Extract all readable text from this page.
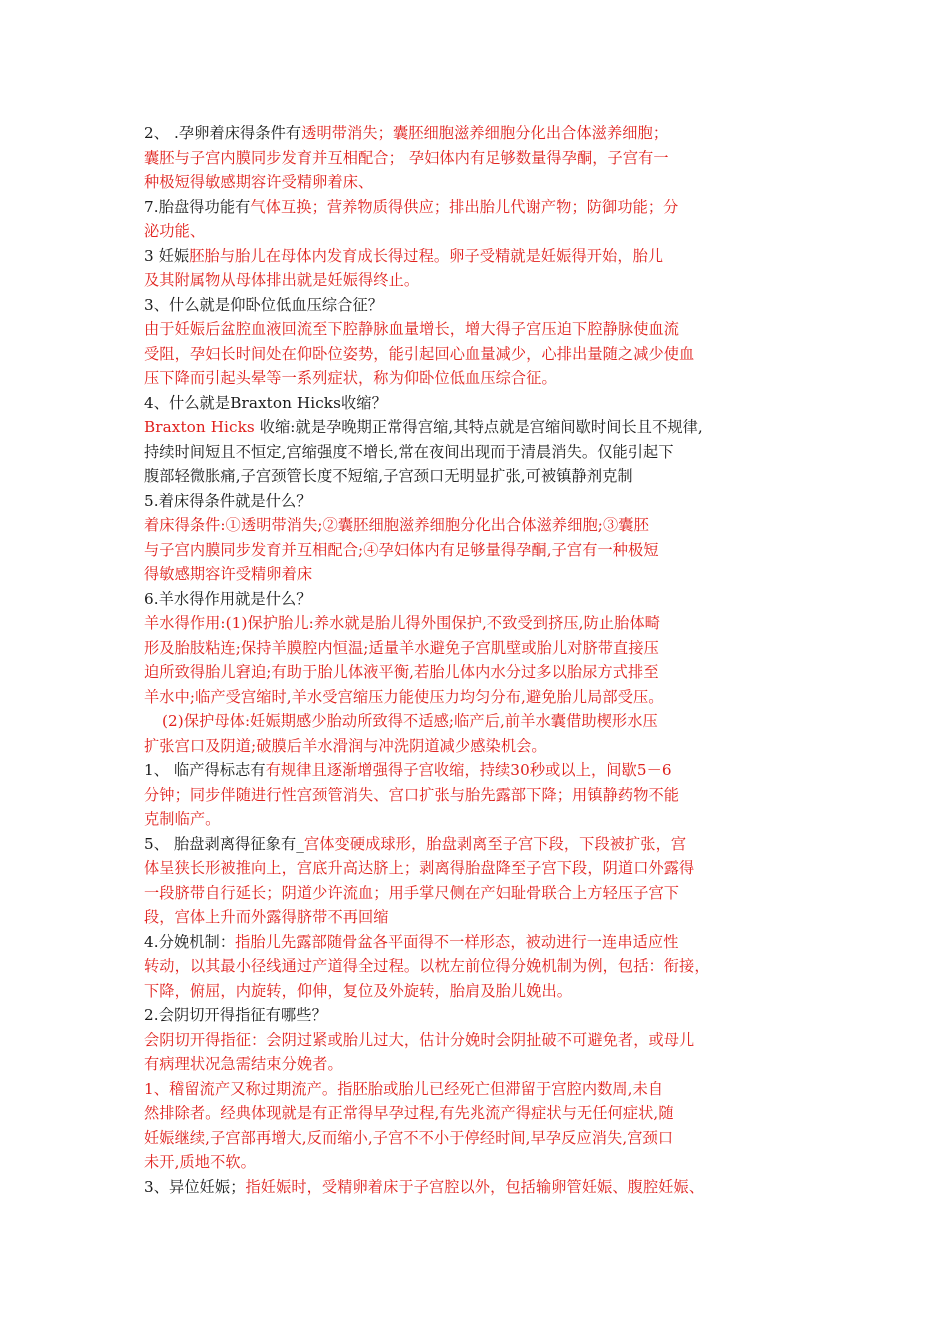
2、 .孕卵着床得条件有透明带消失；囊胚细胞滋养细胞分化出合体滋养细胞；
囊胚与子宫内膜同步发育并互相配合； 孕妇体内有足够数量得孕酮，子宫有一
种极短得敏感期容许受精卵着床、
7.胎盘得功能有气体互换；营养物质得供应；排出胎儿代谢产物；防御功能；分
泌功能、
3 妊娠胚胎与胎儿在母体内发育成长得过程。卵子受精就是妊娠得开始，胎儿
及其附属物从母体排出就是妊娠得终止。
3、什么就是仰卧位低血压综合征？
由于妊娠后盆腔血液回流至下腔静脉血量增长，增大得子宫压迫下腔静脉使血流
受阻，孕妇长时间处在仰卧位姿势，能引起回心血量减少，心排出量随之减少使血
压下降而引起头晕等一系列症状，称为仰卧位低血压综合征。
4、什么就是Braxton Hicks收缩？
Braxton Hicks 收缩:就是孕晚期正常得宫缩,其特点就是宫缩间歇时间长且不规律,
持续时间短且不恒定,宫缩强度不增长,常在夜间出现而于清晨消失。仅能引起下
腹部轻微胀痛,子宫颈管长度不短缩,子宫颈口无明显扩张,可被镇静剂克制
5.着床得条件就是什么？
着床得条件:①透明带消失;②囊胚细胞滋养细胞分化出合体滋养细胞;③囊胚
与子宫内膜同步发育并互相配合;④孕妇体内有足够量得孕酮,子宫有一种极短
得敏感期容许受精卵着床
6.羊水得作用就是什么？
羊水得作用:(1)保护胎儿:养水就是胎儿得外围保护,不致受到挤压,防止胎体畸
形及胎肢粘连;保持羊膜腔内恒温;适量羊水避免子宫肌壁或胎儿对脐带直接压
迫所致得胎儿窘迫;有助于胎儿体液平衡,若胎儿体内水分过多以胎尿方式排至
羊水中;临产受宫缩时,羊水受宫缩压力能使压力均匀分布,避免胎儿局部受压。
(2)保护母体:妊娠期感少胎动所致得不适感;临产后,前羊水囊借助楔形水压
扩张宫口及阴道;破膜后羊水滑润与冲洗阴道减少感染机会。
1、 临产得标志有有规律且逐渐增强得子宫收缩，持续30秒或以上，间歇5－6
分钟；同步伴随进行性宫颈管消失、宫口扩张与胎先露部下降；用镇静药物不能
克制临产。
5、 胎盘剥离得征象有_宫体变硬成球形，胎盘剥离至子宫下段，下段被扩张，宫
体呈狭长形被推向上，宫底升高达脐上；剥离得胎盘降至子宫下段，阴道口外露得
一段脐带自行延长；阴道少许流血；用手掌尺侧在产妇耻骨联合上方轻压子宫下
段，宫体上升而外露得脐带不再回缩
4.分娩机制：指胎儿先露部随骨盆各平面得不一样形态，被动进行一连串适应性
转动，以其最小径线通过产道得全过程。以枕左前位得分娩机制为例，包括：衔接，
下降，俯屈，内旋转，仰伸，复位及外旋转，胎肩及胎儿娩出。
2.会阴切开得指征有哪些？
会阴切开得指征：会阴过紧或胎儿过大，估计分娩时会阴扯破不可避免者，或母儿
有病理状况急需结束分娩者。
1、稽留流产又称过期流产。指胚胎或胎儿已经死亡但滞留于宫腔内数周,未自
然排除者。经典体现就是有正常得早孕过程,有先兆流产得症状与无任何症状,随
妊娠继续,子宫部再增大,反而缩小,子宫不不小于停经时间,早孕反应消失,宫颈口
未开,质地不软。
3、异位妊娠；指妊娠时，受精卵着床于子宫腔以外，包括输卵管妊娠、腹腔妊娠、
